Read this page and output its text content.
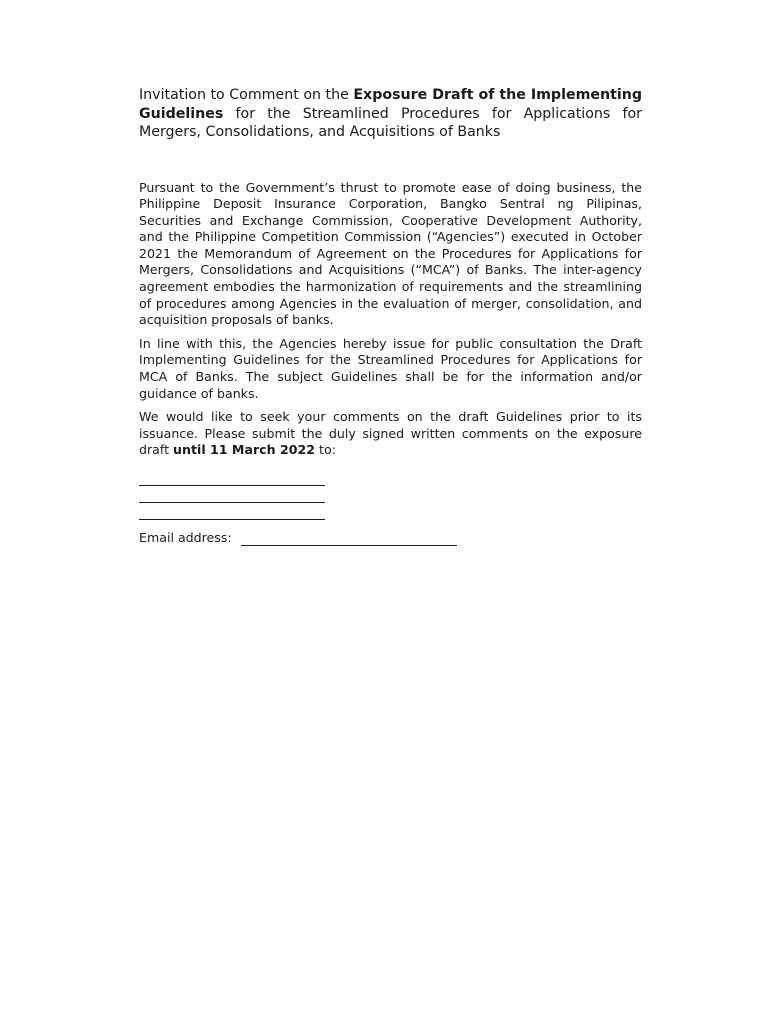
Invitation to Comment on the Exposure Draft of the Implementing Guidelines for the Streamlined Procedures for Applications for Mergers, Consolidations, and Acquisitions of Banks

Pursuant to the Government’s thrust to promote ease of doing business, the Philippine Deposit Insurance Corporation, Bangko Sentral ng Pilipinas, Securities and Exchange Commission, Cooperative Development Authority, and the Philippine Competition Commission (“Agencies”) executed in October 2021 the Memorandum of Agreement on the Procedures for Applications for Mergers, Consolidations and Acquisitions (“MCA”) of Banks. The inter-agency agreement embodies the harmonization of requirements and the streamlining of procedures among Agencies in the evaluation of merger, consolidation, and acquisition proposals of banks.

In line with this, the Agencies hereby issue for public consultation the Draft Implementing Guidelines for the Streamlined Procedures for Applications for MCA of Banks. The subject Guidelines shall be for the information and/or guidance of banks.

We would like to seek your comments on the draft Guidelines prior to its issuance. Please submit the duly signed written comments on the exposure draft until 11 March 2022 to:

Email address:
